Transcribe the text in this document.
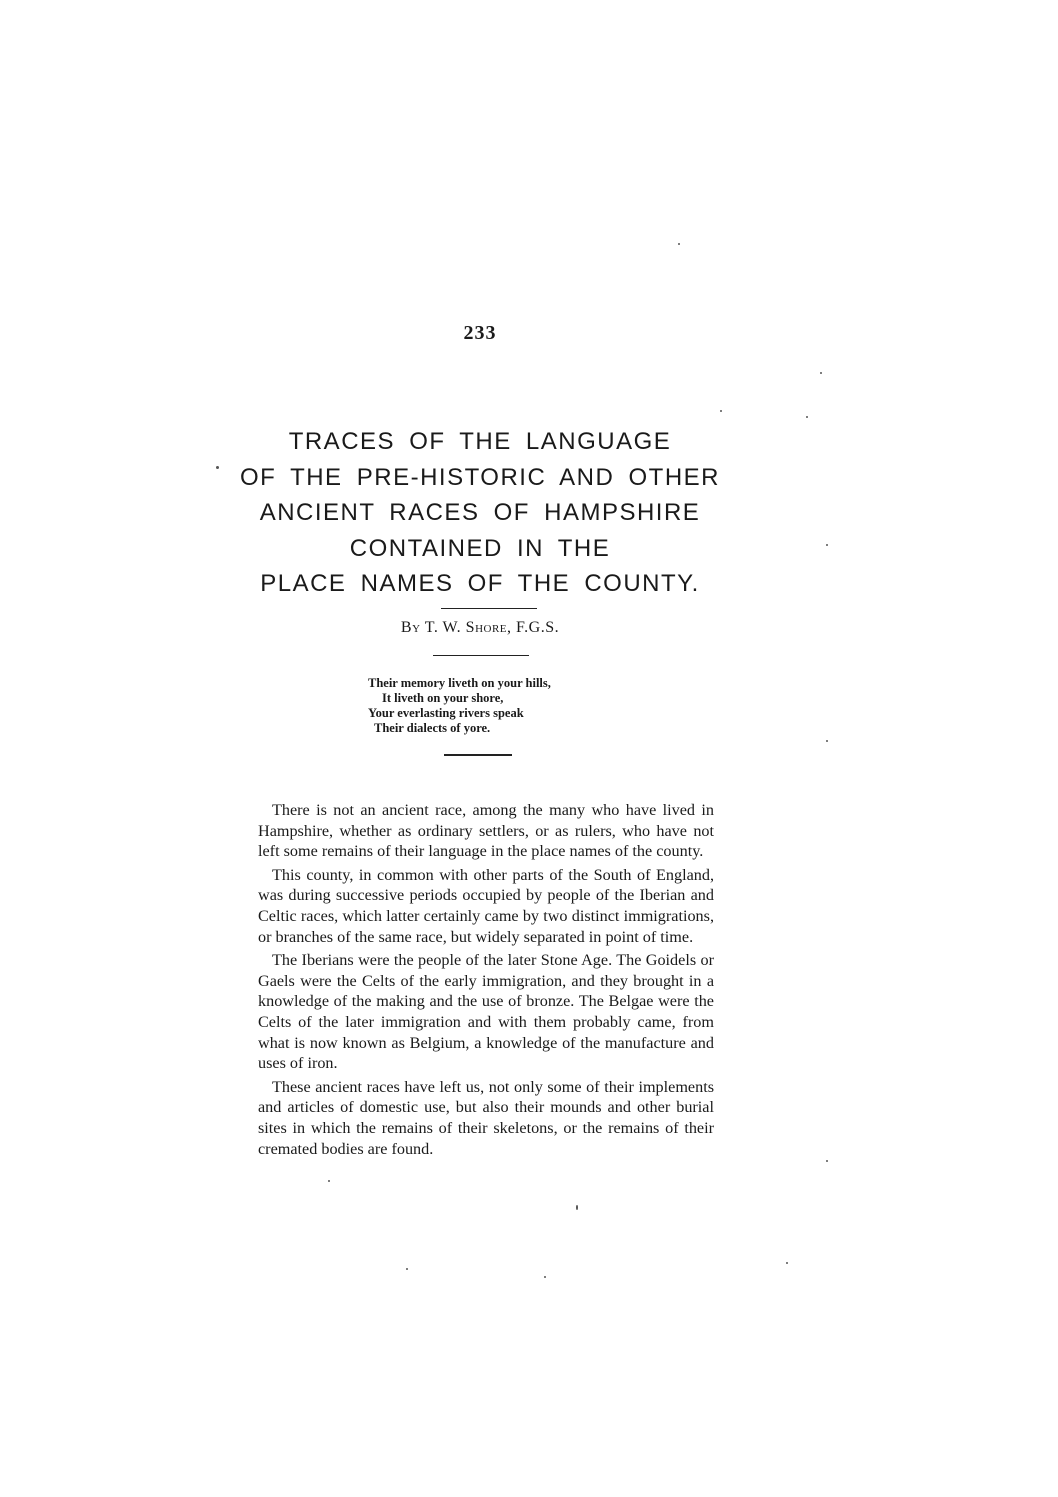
233
TRACES OF THE LANGUAGE
OF THE PRE-HISTORIC AND OTHER
ANCIENT RACES OF HAMPSHIRE
CONTAINED IN THE
PLACE NAMES OF THE COUNTY.
By T. W. Shore, F.G.S.
Their memory liveth on your hills,
It liveth on your shore,
Your everlasting rivers speak
Their dialects of yore.

There is not an ancient race, among the many who have lived in Hampshire, whether as ordinary settlers, or as rulers, who have not left some remains of their language in the place names of the county.

This county, in common with other parts of the South of England, was during successive periods occupied by people of the Iberian and Celtic races, which latter certainly came by two distinct immigrations, or branches of the same race, but widely separated in point of time.

The Iberians were the people of the later Stone Age. The Goidels or Gaels were the Celts of the early immigration, and they brought in a knowledge of the making and the use of bronze. The Belgae were the Celts of the later immigration and with them probably came, from what is now known as Belgium, a knowledge of the manufacture and uses of iron.

These ancient races have left us, not only some of their implements and articles of domestic use, but also their mounds and other burial sites in which the remains of their skeletons, or the remains of their cremated bodies are found.
